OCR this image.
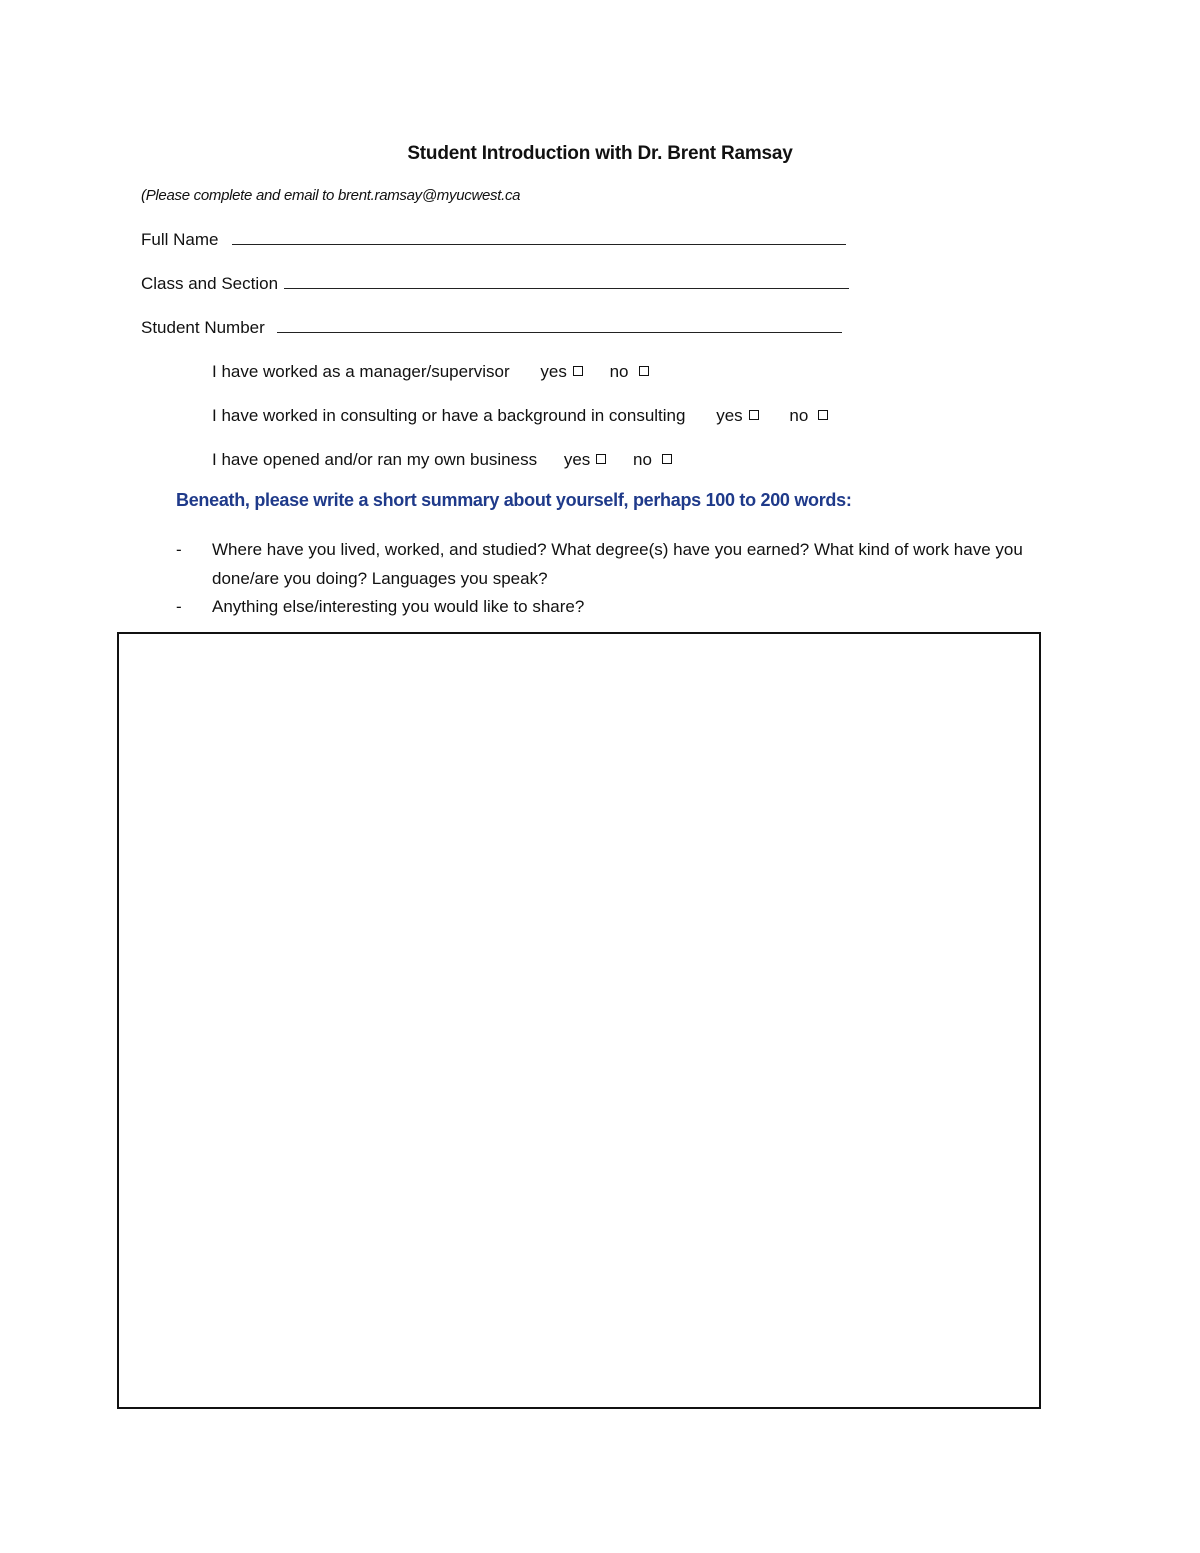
Student Introduction with Dr. Brent Ramsay
(Please complete and email to brent.ramsay@myucwest.ca
Full Name
Class and Section
Student Number
I have worked as a manager/supervisor yes	no
I have worked in consulting or have a background in consulting yes	no
I have opened and/or ran my own business yes	no
Beneath, please write a short summary about yourself, perhaps 100 to 200 words:
-	Where have you lived, worked, and studied? What degree(s) have you earned? What kind of work have you done/are you doing? Languages you speak?
-	Anything else/interesting you would like to share?
